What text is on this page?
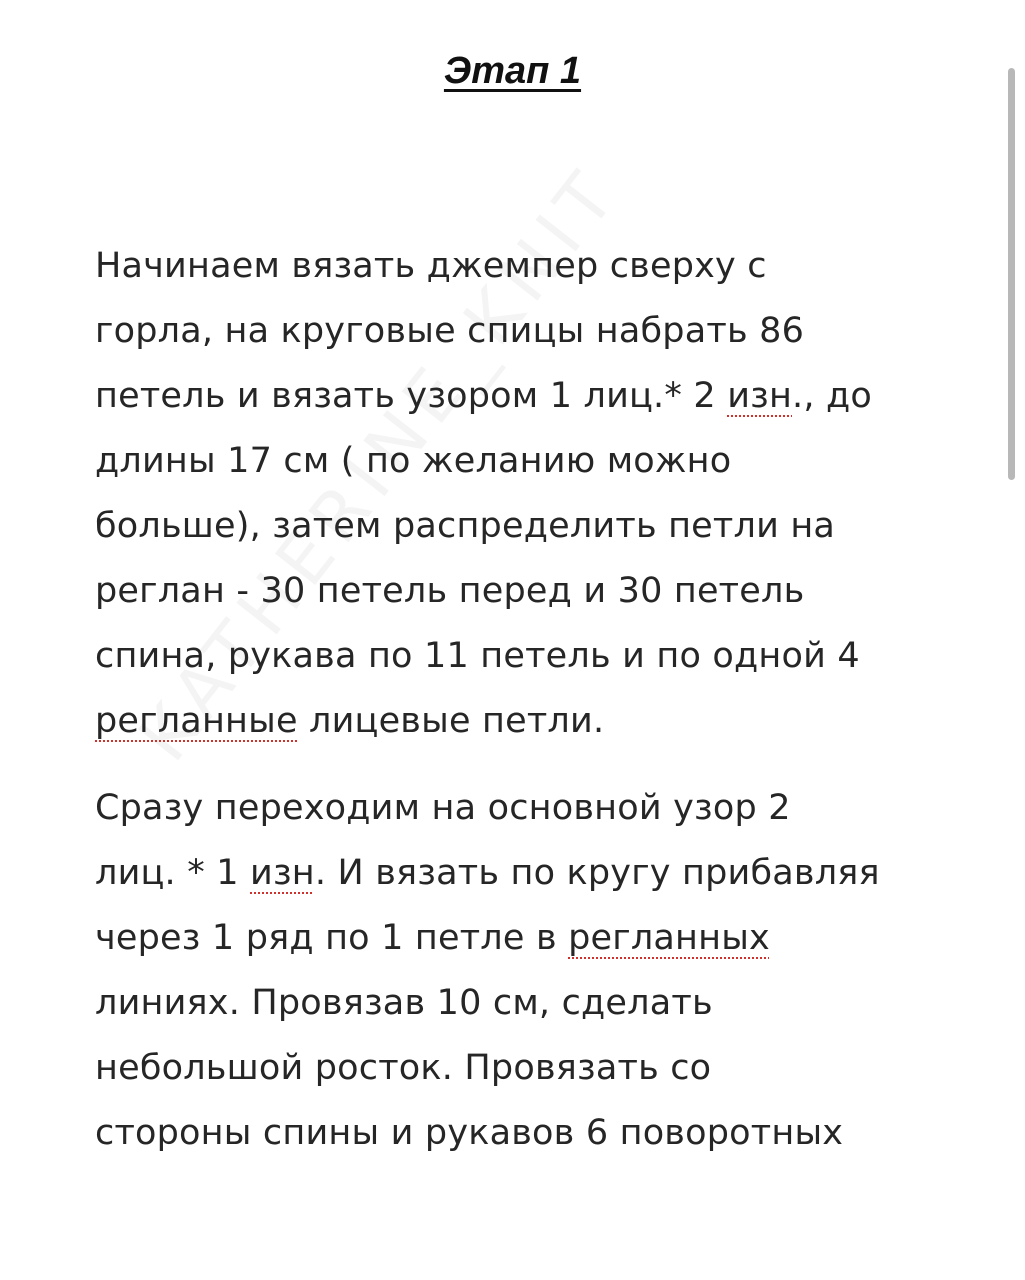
Этап 1
Начинаем вязать джемпер сверху с
горла, на круговые спицы набрать 86
петель и вязать узором 1 лиц.* 2 изн., до
длины 17 см ( по желанию можно
больше), затем распределить петли на
реглан - 30 петель перед и 30 петель
спина, рукава по 11 петель и по одной 4
регланные лицевые петли.
Сразу переходим на основной узор 2
лиц. * 1 изн. И вязать по кругу прибавляя
через 1 ряд по 1 петле в регланных
линиях. Провязав 10 см, сделать
небольшой росток. Провязать со
стороны спины и рукавов 6 поворотных
